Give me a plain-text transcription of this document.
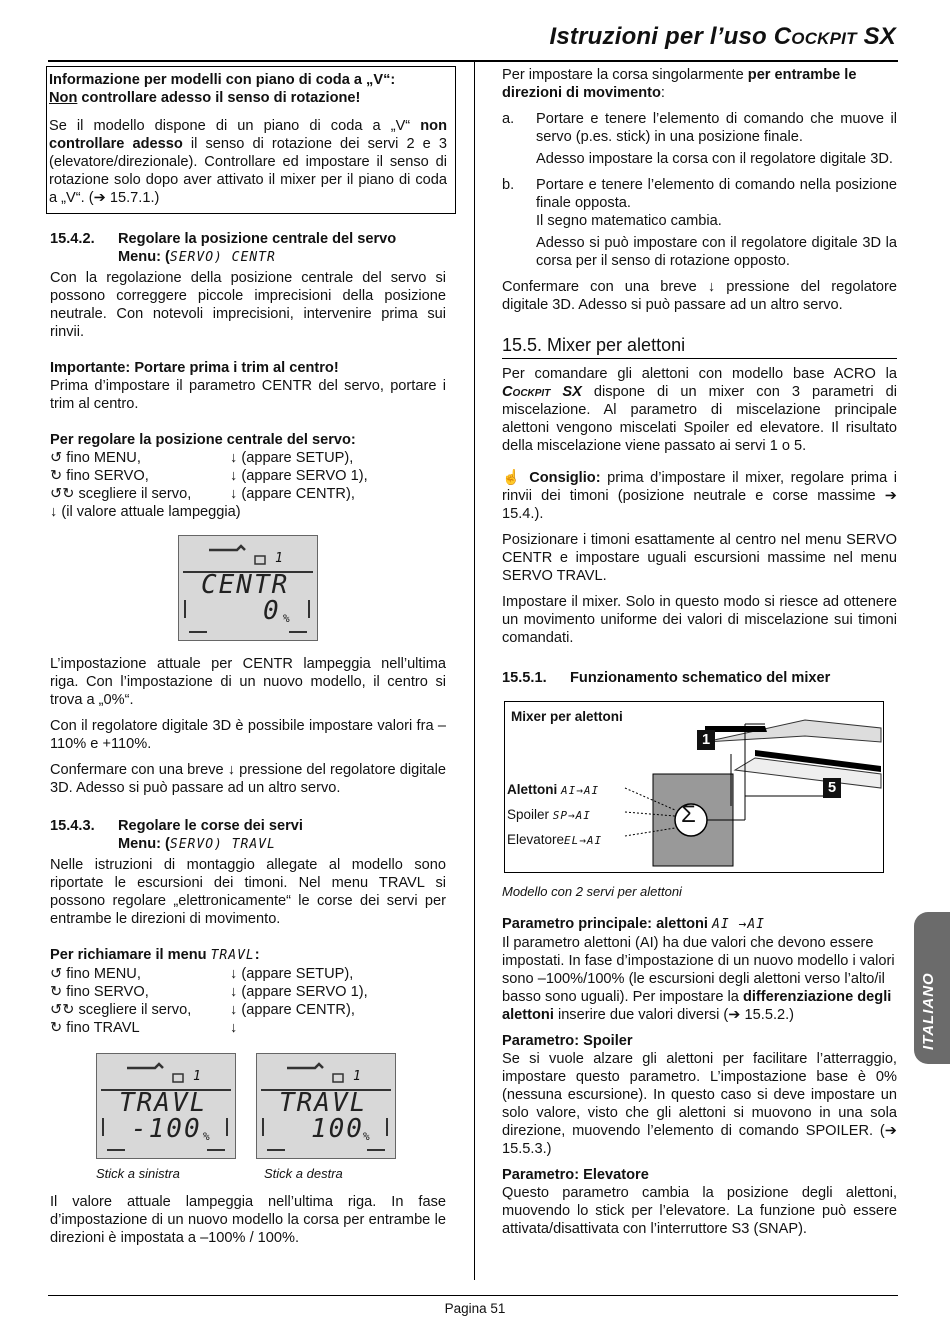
Istruzioni per l’uso Cockpit SX

Informazione per modelli con piano di coda a „V“:
Non controllare adesso il senso di rotazione!

Se il modello dispone di un piano di coda a „V“ non controllare adesso il senso di rotazione dei servi 2 e 3 (elevatore/direzionale). Controllare ed impostare il senso di rotazione solo dopo aver attivato il mixer per il piano di coda a „V“. (➔ 15.7.1.)

15.4.2.	Regolare la posizione centrale del servo
Menu: (SERVO) CENTR

Con la regolazione della posizione centrale del servo si possono correggere piccole imprecisioni della posizione neutrale. Con notevoli imprecisioni, intervenire prima sui rinvii.

Importante: Portare prima i trim al centro!

Prima d’impostare il parametro CENTR del servo, portare i trim al centro.

Per regolare la posizione centrale del servo:

↺ fino MENU,	↓ (appare SETUP),
↻ fino SERVO,	↓ (appare SERVO 1),
↺↻ scegliere il servo,	↓ (appare CENTR),
↓ (il valore attuale lampeggia)
1
CENTR
0 %

L’impostazione attuale per CENTR lampeggia nell’ultima riga. Con l’impostazione di un nuovo modello, il centro si trova a „0%“.

Con il regolatore digitale 3D è possibile impostare valori fra –110% e +110%.

Confermare con una breve ↓ pressione del regolatore digitale 3D. Adesso si può passare ad un altro servo.

15.4.3.	Regolare le corse dei servi
Menu: (SERVO) TRAVL

Nelle istruzioni di montaggio allegate al modello sono riportate le escursioni dei timoni. Nel menu TRAVL si possono regolare „elettronicamente“ le corse dei servi per entrambe le direzioni di movimento.

Per richiamare il menu TRAVL:

↺ fino MENU,	↓ (appare SETUP),
↻ fino SERVO,	↓ (appare SERVO 1),
↺↻ scegliere il servo,	↓ (appare CENTR),
↻ fino TRAVL	↓
1
TRAVL
-100 %
Stick a sinistra
1
TRAVL
100 %
Stick a destra

Il valore attuale lampeggia nell’ultima riga. In fase d’impostazione di un nuovo modello la corsa per entrambe le direzioni è impostata a –100% / 100%.

Per impostare la corsa singolarmente per entrambe le direzioni di movimento:

a.	Portare e tenere l’elemento di comando che muove il servo (p.es. stick) in una posizione finale.

Adesso impostare la corsa con il regolatore digitale 3D.

b.	Portare e tenere l’elemento di comando nella posizione finale opposta.

Il segno matematico cambia.

Adesso si può impostare con il regolatore digitale 3D la corsa per il senso di rotazione opposto.

Confermare con una breve ↓ pressione del regolatore digitale 3D. Adesso si può passare ad un altro servo.

15.5. Mixer per alettoni

Per comandare gli alettoni con modello base ACRO la Cockpit SX dispone di un mixer con 3 parametri di miscelazione. Al parametro di miscelazione principale alettoni vengono miscelati Spoiler ed elevatore. Il risultato della miscelazione viene passato ai servi 1 o 5.

☝ Consiglio: prima d’impostare il mixer, regolare prima i rinvii dei timoni (posizione neutrale e corse massime ➔ 15.4.).

Posizionare i timoni esattamente al centro nel menu SERVO CENTR e impostare uguali escursioni massime nel menu SERVO TRAVL.

Impostare il mixer. Solo in questo modo si riesce ad ottenere un movimento uniforme dei valori di miscelazione sui timoni comandati.

15.5.1.	Funzionamento schematico del mixer
Mixer per alettoni
Alettoni AI→AI
Spoiler SP→AI
ElevatoreEL→AI
Σ
1
5
Modello con 2 servi per alettoni

Parametro principale: alettoni AI →AI

Il parametro alettoni (AI) ha due valori che devono essere impostati. In fase d’impostazione di un nuovo modello i valori sono –100%/100% (le escursioni degli alettoni verso l’alto/il basso sono uguali). Per impostare la differenziazione degli alettoni inserire due valori diversi (➔ 15.5.2.)

Parametro: Spoiler

Se si vuole alzare gli alettoni per facilitare l’atterraggio, impostare questo parametro. L’impostazione base è 0% (nessuna escursione). In questo caso si deve impostare un solo valore, visto che gli alettoni si muovono in una sola direzione, muovendo l’elemento di comando SPOILER. (➔ 15.5.3.)

Parametro: Elevatore

Questo parametro cambia la posizione degli alettoni, muovendo lo stick per l’elevatore. La funzione può essere attivata/disattivata con l’interruttore S3 (SNAP).

ITALIANO
Pagina 51
